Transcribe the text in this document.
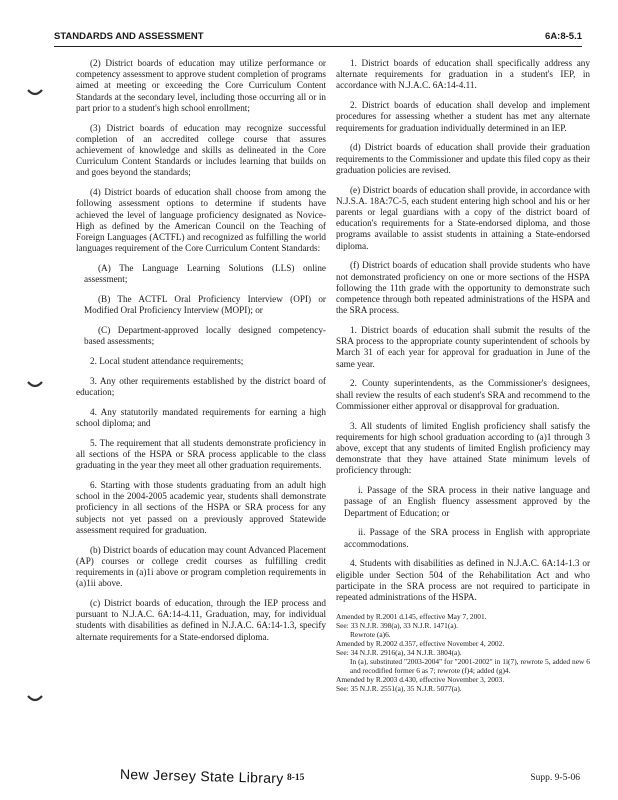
STANDARDS AND ASSESSMENT	6A:8-5.1

(2) District boards of education may utilize performance or competency assessment to approve student completion of programs aimed at meeting or exceeding the Core Curriculum Content Standards at the secondary level, including those occurring all or in part prior to a student's high school enrollment;

(3) District boards of education may recognize successful completion of an accredited college course that assures achievement of knowledge and skills as delineated in the Core Curriculum Content Standards or includes learning that builds on and goes beyond the standards;

(4) District boards of education shall choose from among the following assessment options to determine if students have achieved the level of language proficiency designated as Novice-High as defined by the American Council on the Teaching of Foreign Languages (ACTFL) and recognized as fulfilling the world languages requirement of the Core Curriculum Content Standards:

(A) The Language Learning Solutions (LLS) online assessment;

(B) The ACTFL Oral Proficiency Interview (OPI) or Modified Oral Proficiency Interview (MOPI); or

(C) Department-approved locally designed competency-based assessments;

2. Local student attendance requirements;

3. Any other requirements established by the district board of education;

4. Any statutorily mandated requirements for earning a high school diploma; and

5. The requirement that all students demonstrate proficiency in all sections of the HSPA or SRA process applicable to the class graduating in the year they meet all other graduation requirements.

6. Starting with those students graduating from an adult high school in the 2004-2005 academic year, students shall demonstrate proficiency in all sections of the HSPA or SRA process for any subjects not yet passed on a previously approved Statewide assessment required for graduation.

(b) District boards of education may count Advanced Placement (AP) courses or college credit courses as fulfilling credit requirements in (a)1i above or program completion requirements in (a)1ii above.

(c) District boards of education, through the IEP process and pursuant to N.J.A.C. 6A:14-4.11, Graduation, may, for individual students with disabilities as defined in N.J.A.C. 6A:14-1.3, specify alternate requirements for a State-endorsed diploma.

1. District boards of education shall specifically address any alternate requirements for graduation in a student's IEP, in accordance with N.J.A.C. 6A:14-4.11.

2. District boards of education shall develop and implement procedures for assessing whether a student has met any alternate requirements for graduation individually determined in an IEP.

(d) District boards of education shall provide their graduation requirements to the Commissioner and update this filed copy as their graduation policies are revised.

(e) District boards of education shall provide, in accordance with N.J.S.A. 18A:7C-5, each student entering high school and his or her parents or legal guardians with a copy of the district board of education's requirements for a State-endorsed diploma, and those programs available to assist students in attaining a State-endorsed diploma.

(f) District boards of education shall provide students who have not demonstrated proficiency on one or more sections of the HSPA following the 11th grade with the opportunity to demonstrate such competence through both repeated administrations of the HSPA and the SRA process.

1. District boards of education shall submit the results of the SRA process to the appropriate county superintendent of schools by March 31 of each year for approval for graduation in June of the same year.

2. County superintendents, as the Commissioner's designees, shall review the results of each student's SRA and recommend to the Commissioner either approval or disapproval for graduation.

3. All students of limited English proficiency shall satisfy the requirements for high school graduation according to (a)1 through 3 above, except that any students of limited English proficiency may demonstrate that they have attained State minimum levels of proficiency through:

i. Passage of the SRA process in their native language and passage of an English fluency assessment approved by the Department of Education; or

ii. Passage of the SRA process in English with appropriate accommodations.

4. Students with disabilities as defined in N.J.A.C. 6A:14-1.3 or eligible under Section 504 of the Rehabilitation Act and who participate in the SRA process are not required to participate in repeated administrations of the HSPA.

Amended by R.2001 d.145, effective May 7, 2001.
See: 33 N.J.R. 398(a), 33 N.J.R. 1471(a).
Rewrote (a)6.
Amended by R.2002 d.357, effective November 4, 2002.
See: 34 N.J.R. 2916(a), 34 N.J.R. 3804(a).
In (a), substituted "2003-2004" for "2001-2002" in 1i(7), rewrote 5, added new 6 and recodified former 6 as 7; rewrote (f)4; added (g)4.
Amended by R.2003 d.430, effective November 3, 2003.
See: 35 N.J.R. 2551(a), 35 N.J.R. 5077(a).
New Jersey State Library 8-15	Supp. 9-5-06
